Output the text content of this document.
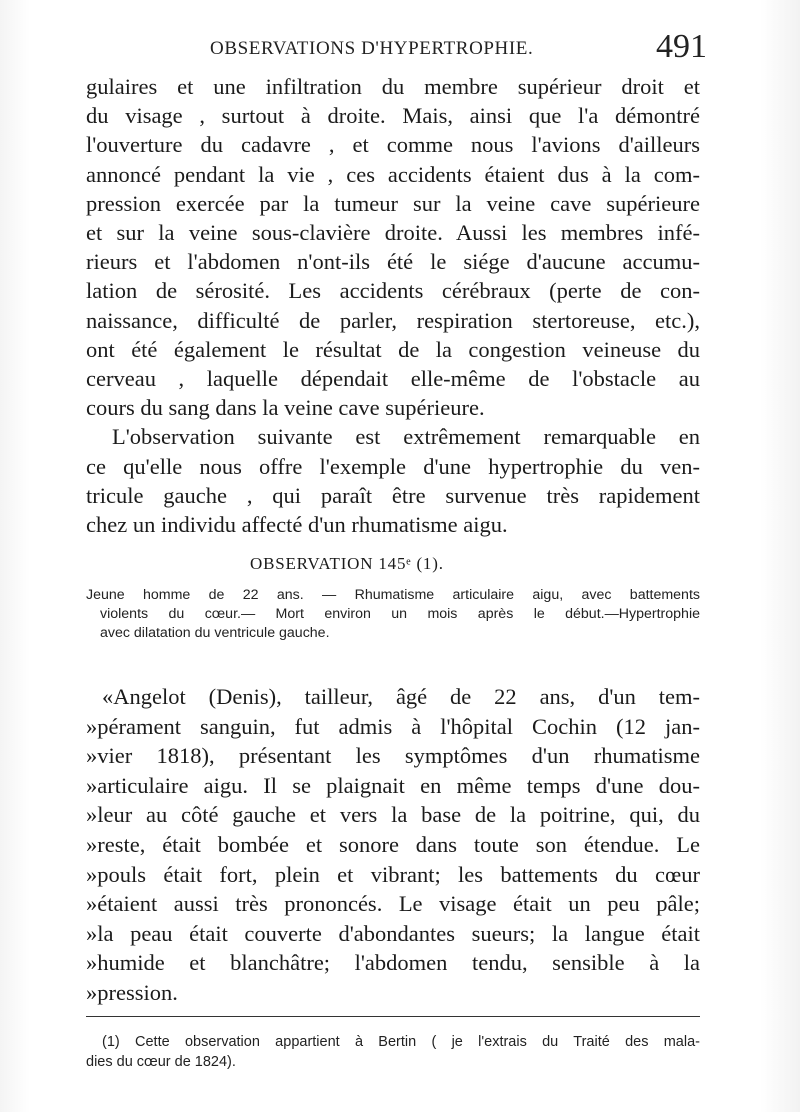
OBSERVATIONS D'HYPERTROPHIE.	491
gulaires et une infiltration du membre supérieur droit et
du visage , surtout à droite. Mais, ainsi que l'a démontré
l'ouverture du cadavre , et comme nous l'avions d'ailleurs
annoncé pendant la vie , ces accidents étaient dus à la com-
pression exercée par la tumeur sur la veine cave supérieure
et sur la veine sous-clavière droite. Aussi les membres infé-
rieurs et l'abdomen n'ont-ils été le siége d'aucune accumu-
lation de sérosité. Les accidents cérébraux (perte de con-
naissance, difficulté de parler, respiration stertoreuse, etc.),
ont été également le résultat de la congestion veineuse du
cerveau , laquelle dépendait elle-même de l'obstacle au
cours du sang dans la veine cave supérieure.
L'observation suivante est extrêmement remarquable en
ce qu'elle nous offre l'exemple d'une hypertrophie du ven-
tricule gauche , qui paraît être survenue très rapidement
chez un individu affecté d'un rhumatisme aigu.
OBSERVATION 145ᵉ (1).
Jeune homme de 22 ans. — Rhumatisme articulaire aigu, avec battements
violents du cœur.— Mort environ un mois après le début.—Hypertrophie
avec dilatation du ventricule gauche.
«Angelot (Denis), tailleur, âgé de 22 ans, d'un tem-
»pérament sanguin, fut admis à l'hôpital Cochin (12 jan-
»vier 1818), présentant les symptômes d'un rhumatisme
»articulaire aigu. Il se plaignait en même temps d'une dou-
»leur au côté gauche et vers la base de la poitrine, qui, du
»reste, était bombée et sonore dans toute son étendue. Le
»pouls était fort, plein et vibrant; les battements du cœur
»étaient aussi très prononcés. Le visage était un peu pâle;
»la peau était couverte d'abondantes sueurs; la langue était
»humide et blanchâtre; l'abdomen tendu, sensible à la
»pression.
(1) Cette observation appartient à Bertin ( je l'extrais du Traité des mala-
dies du cœur de 1824).
